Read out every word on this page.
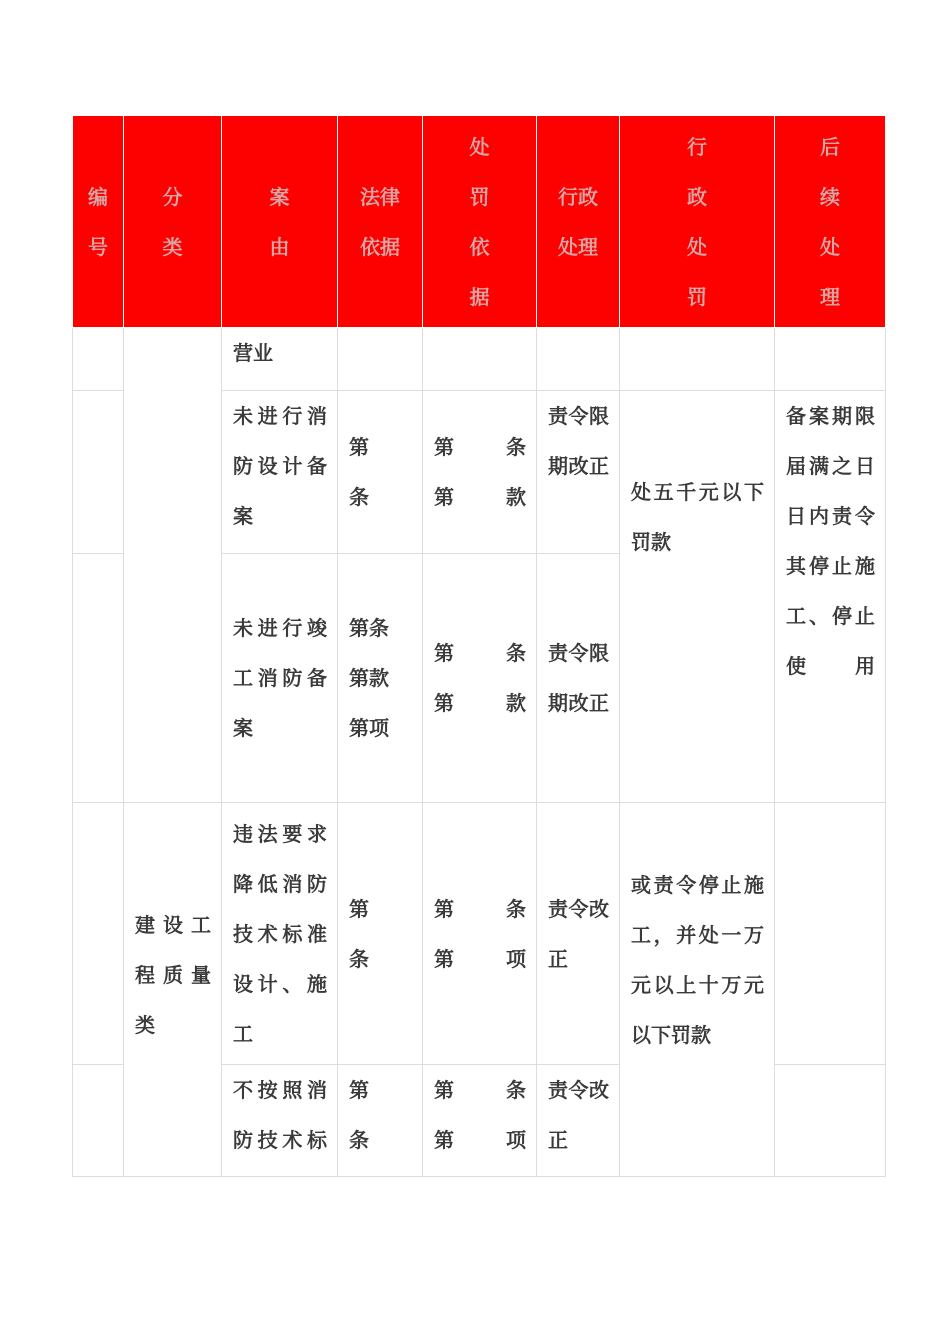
编号	分类	案由	法律依据	处罚依据	行政处理	行政处罚	后续处理

		营业					

		未进行消防设计备案	第条	第 条
第 款	责令限期改正	处五千元以下罚款	备案期限届满之日日内责令其停止施工、停止使用

		未进行竣工消防备案	第条第款第项	第 条
第 款	责令限期改正		

	建设工程质量类	违法要求降低消防技术标准设计、施工	第条	第 条
第 项	责令改正	或责令停止施工，并处一万元以上十万元以下罚款	

		不按照消防技术标	第条	第 条
第 项	责令改正		
